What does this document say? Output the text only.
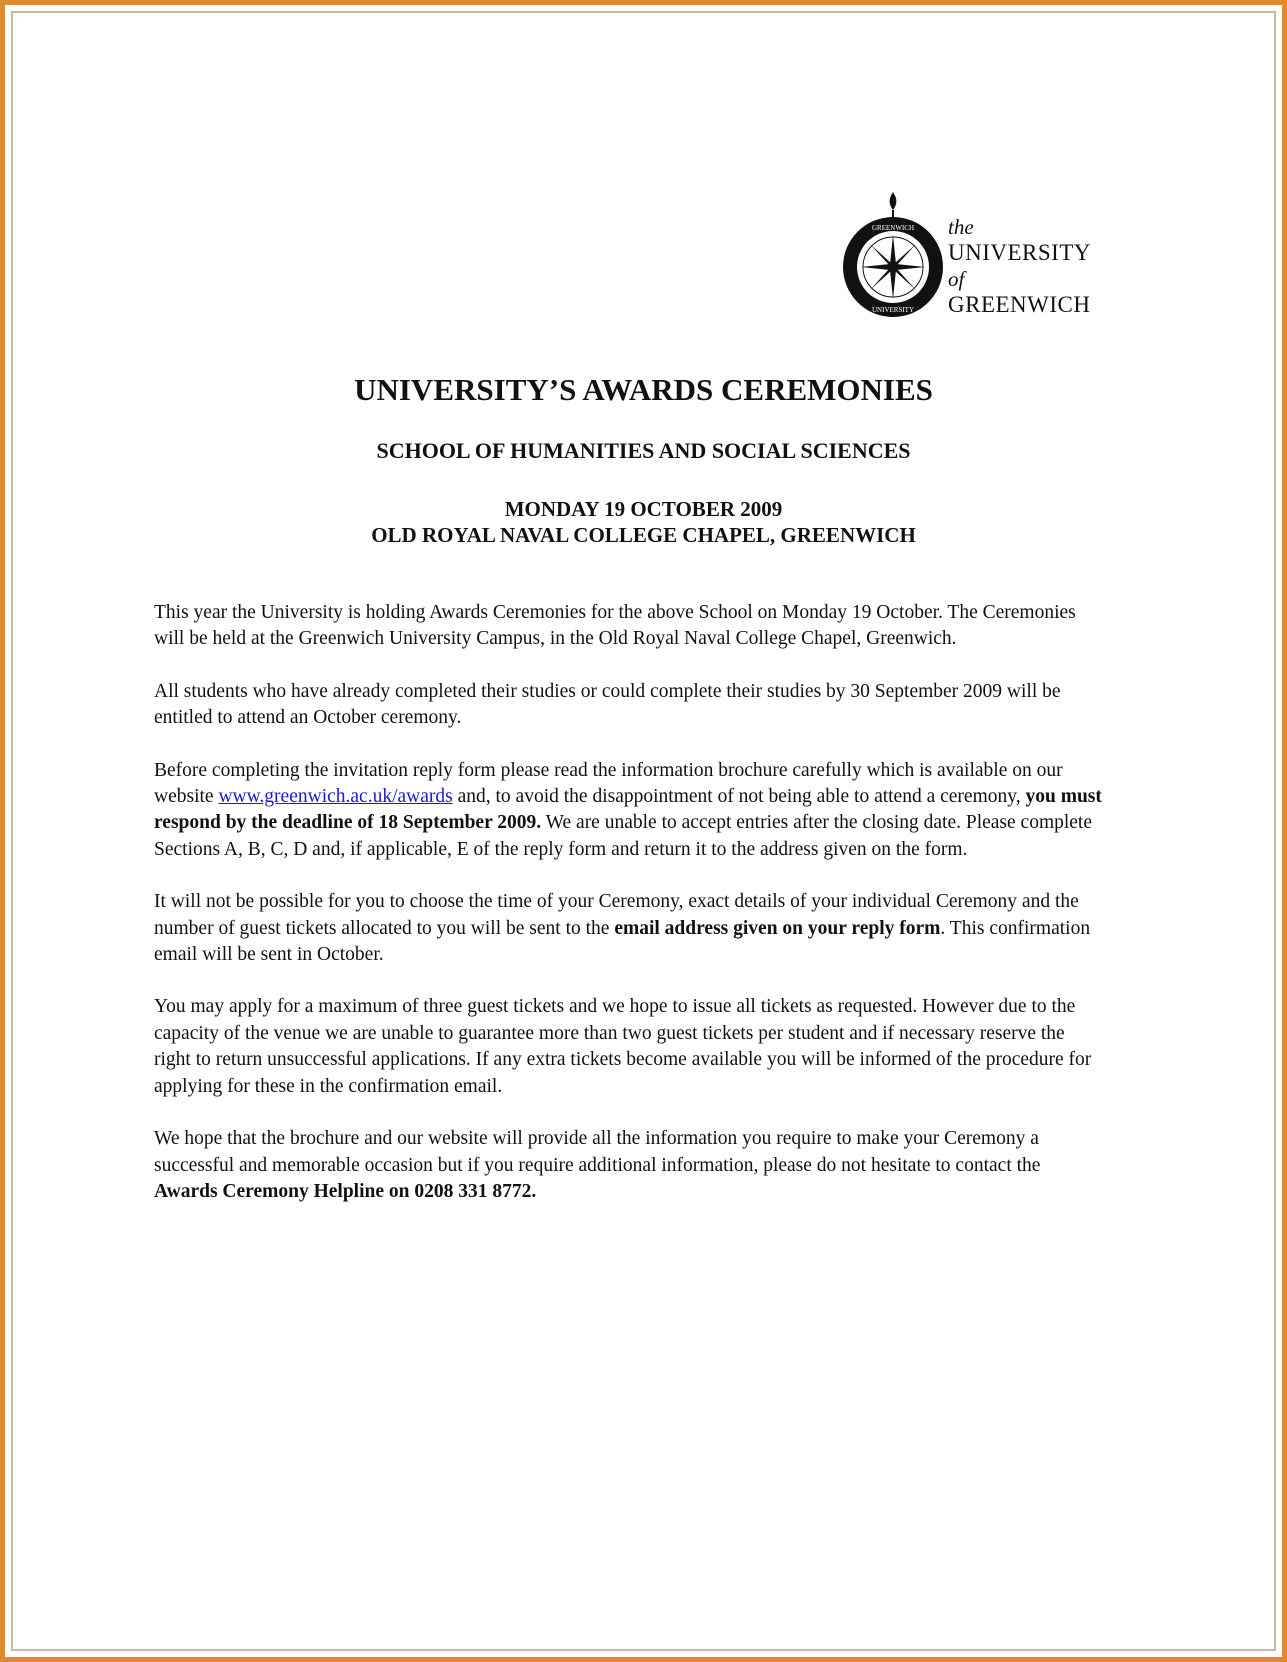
GREENWICH
UNIVERSITY
the
UNIVERSITY
of
GREENWICH
UNIVERSITY’S AWARDS CEREMONIES
SCHOOL OF HUMANITIES AND SOCIAL SCIENCES
MONDAY 19 OCTOBER 2009
OLD ROYAL NAVAL COLLEGE CHAPEL, GREENWICH

This year the University is holding Awards Ceremonies for the above School on Monday 19 October. The Ceremonies will be held at the Greenwich University Campus, in the Old Royal Naval College Chapel, Greenwich.

All students who have already completed their studies or could complete their studies by 30 September 2009 will be entitled to attend an October ceremony.

Before completing the invitation reply form please read the information brochure carefully which is available on our website www.greenwich.ac.uk/awards and, to avoid the disappointment of not being able to attend a ceremony, you must respond by the deadline of 18 September 2009. We are unable to accept entries after the closing date. Please complete Sections A, B, C, D and, if applicable, E of the reply form and return it to the address given on the form.

It will not be possible for you to choose the time of your Ceremony, exact details of your individual Ceremony and the number of guest tickets allocated to you will be sent to the email address given on your reply form. This confirmation email will be sent in October.

You may apply for a maximum of three guest tickets and we hope to issue all tickets as requested. However due to the capacity of the venue we are unable to guarantee more than two guest tickets per student and if necessary reserve the right to return unsuccessful applications. If any extra tickets become available you will be informed of the procedure for applying for these in the confirmation email.

We hope that the brochure and our website will provide all the information you require to make your Ceremony a successful and memorable occasion but if you require additional information, please do not hesitate to contact the Awards Ceremony Helpline on 0208 331 8772.
